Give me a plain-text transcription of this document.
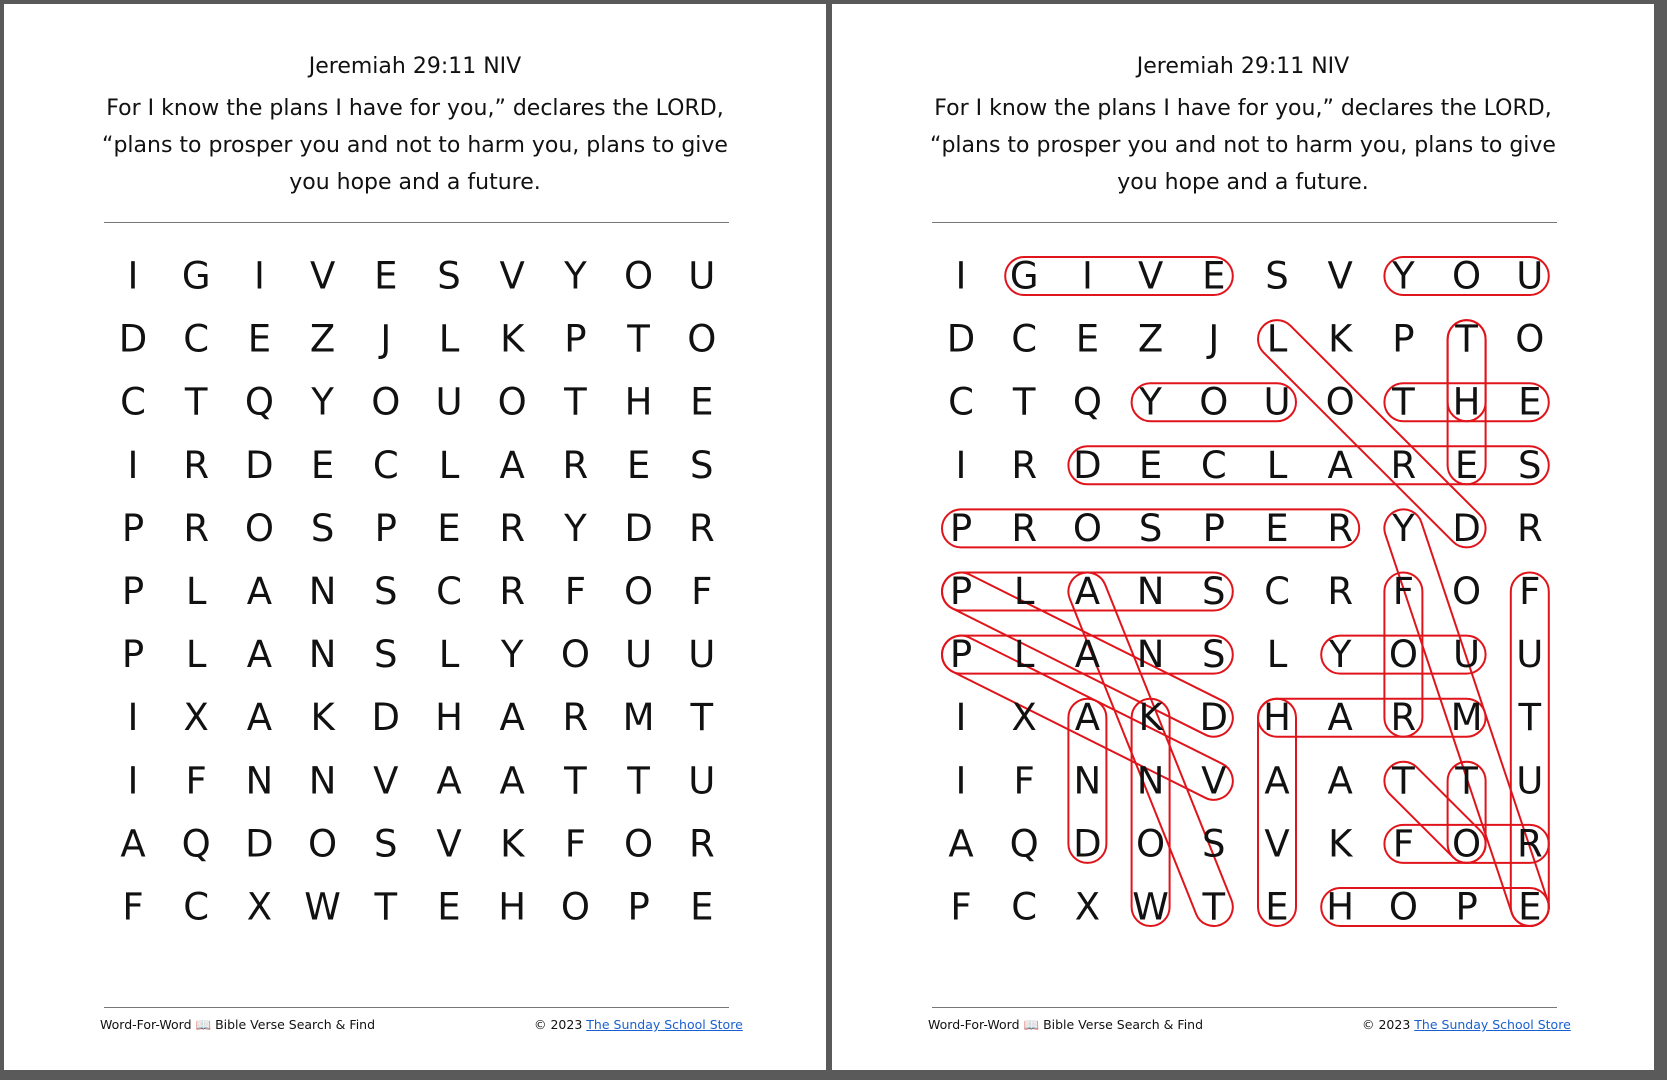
Jeremiah 29:11 NIV
For I know the plans I have for you,” declares the LORD,
“plans to prosper you and not to harm you, plans to give
you hope and a future.
I G I V E S V Y O U
D C E Z J L K P T O
C T Q Y O U O T H E
I R D E C L A R E S
P R O S P E R Y D R
P L A N S C R F O F
P L A N S L Y O U U
I X A K D H A R M T
I F N N V A A T T U
A Q D O S V K F O R
F C X W T E H O P E
Word-For-Word 📖 Bible Verse Search & Find	© 2023 The Sunday School Store
Jeremiah 29:11 NIV
For I know the plans I have for you,” declares the LORD,
“plans to prosper you and not to harm you, plans to give
you hope and a future.
I G I V E S V Y O U
D C E Z J L K P T O
C T Q Y O U O T H E
I R D E C L A R E S
P R O S P E R Y D R
P L A N S C R F O F
P L A N S L Y O U U
I X A K D H A R M T
I F N N V A A T T U
A Q D O S V K F O R
F C X W T E H O P E
Word-For-Word 📖 Bible Verse Search & Find	© 2023 The Sunday School Store
